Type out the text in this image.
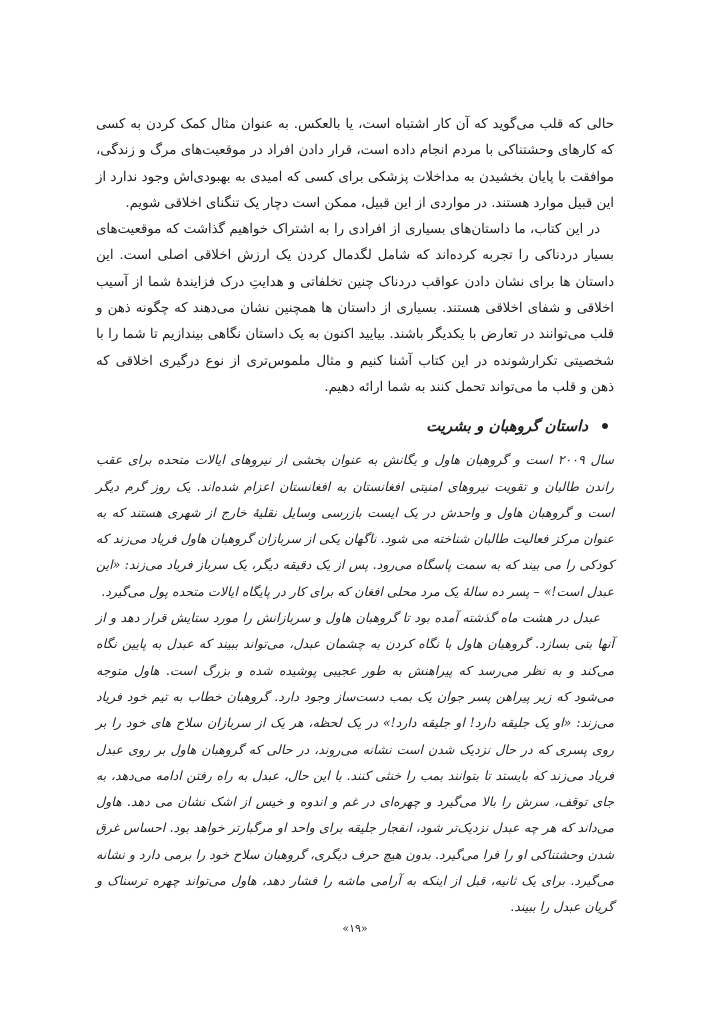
حالی که قلب می‌گوید که آن کار اشتباه است، یا بالعکس. به عنوان مثال کمک کردن به کسی که کارهای وحشتناکی با مردم انجام داده است، قرار دادن افراد در موقعیت‌های مرگ و زندگی، موافقت با پایان بخشیدن به مداخلات پزشکی برای کسی که امیدی به بهبودی‌اش وجود ندارد از این قبیل موارد هستند. در مواردی از این قبیل، ممکن است دچار یک تنگنای اخلاقی شویم.

در این کتاب، ما داستان‌های بسیاری از افرادی را به اشتراک خواهیم گذاشت که موقعیت‌های بسیار دردناکی را تجربه کرده‌اند که شامل لگدمال کردن یک ارزش اخلاقی اصلی است. این داستان ها برای نشان دادن عواقب دردناک چنین تخلفاتی و هدایتِ درک فزایندهٔ شما از آسیب اخلاقی و شفای اخلاقی هستند. بسیاری از داستان ها همچنین نشان می‌دهند که چگونه ذهن و قلب می‌توانند در تعارض با یکدیگر باشند. بیایید اکنون به یک داستان نگاهی بیندازیم تا شما را با شخصیتی تکرارشونده در این کتاب آشنا کنیم و مثال ملموس‌تری از نوع درگیری اخلاقی که ذهن و قلب ما می‌تواند تحمل کنند به شما ارائه دهیم.

داستان گروهبان و بشریت

سال ۲۰۰۹ است و گروهبان هاول و یگانش به عنوان بخشی از نیروهای ایالات متحده برای عقب راندن طالبان و تقویت نیروهای امنیتی افغانستان به افغانستان اعزام شده‌اند. یک روز گرم دیگر است و گروهبان هاول و واحدش در یک ایست بازرسی وسایل نقلیهٔ خارج از شهری هستند که به عنوان مرکز فعالیت طالبان شناخته می شود. ناگهان یکی از سربازان گروهبان هاول فریاد می‌زند که کودکی را می بیند که به سمت پاسگاه می‌رود. پس از یک دقیقه دیگر، یک سرباز فریاد می‌زند: «این عبدل است!» – پسر ده سالهٔ یک مرد محلی افغان که برای کار در پایگاه ایالات متحده پول می‌گیرد.

عبدل در هشت ماه گذشته آمده بود تا گروهبان هاول و سربازانش را مورد ستایش قرار دهد و از آنها بتی بسازد. گروهبان هاول با نگاه کردن به چشمان عبدل، می‌تواند ببیند که عبدل به پایین نگاه می‌کند و به نظر می‌رسد که پیراهنش به طور عجیبی پوشیده شده و بزرگ است. هاول متوجه می‌شود که زیر پیراهن پسر جوان یک بمب دست‌ساز وجود دارد. گروهبان خطاب به تیم خود فریاد می‌زند: «او یک جلیقه دارد! او جلیقه دارد!» در یک لحظه، هر یک از سربازان سلاح های خود را بر روی پسری که در حال نزدیک شدن است نشانه می‌روند، در حالی که گروهبان هاول بر روی عبدل فریاد می‌زند که بایستد تا بتوانند بمب را خنثی کنند. با این حال، عبدل به راه رفتن ادامه می‌دهد، به جای توقف، سرش را بالا می‌گیرد و چهره‌ای در غم و اندوه و خیس از اشک نشان می دهد. هاول می‌داند که هر چه عبدل نزدیک‌تر شود، انفجار جلیقه برای واحد او مرگبارتر خواهد بود. احساس غرق شدن وحشتناکی او را فرا می‌گیرد. بدون هیچ حرف دیگری، گروهبان سلاح خود را برمی دارد و نشانه می‌گیرد. برای یک ثانیه، قبل از اینکه به آرامی ماشه را فشار دهد، هاول می‌تواند چهره ترسناک و گریان عبدل را ببیند.

«۱۹»
